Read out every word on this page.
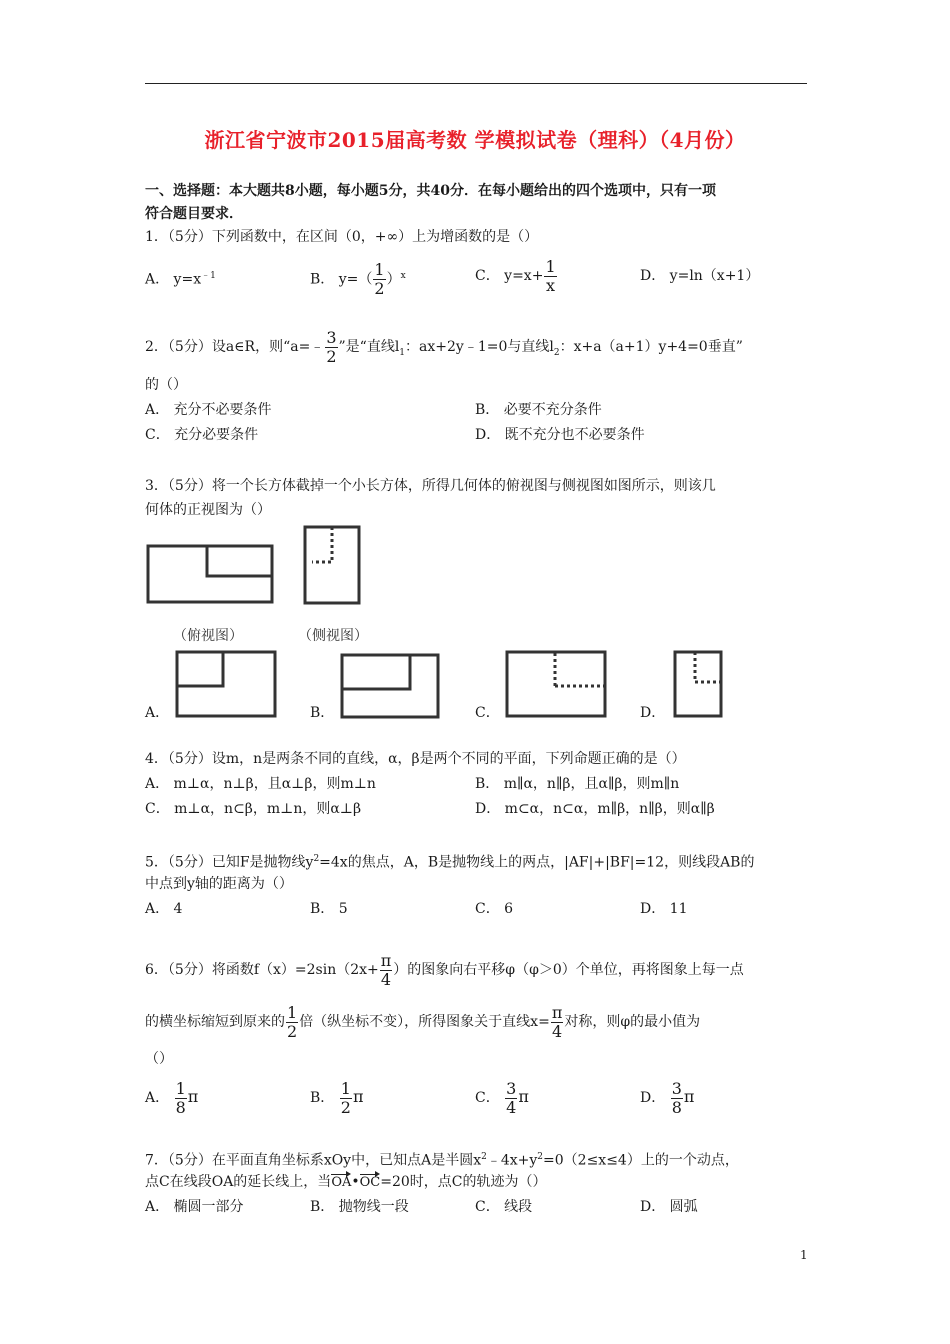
浙江省宁波市2015届高考数 学模拟试卷（理科）（4月份）
一、选择题：本大题共8小题，每小题5分，共40分．在每小题给出的四个选项中，只有一项
符合题目要求．
1．（5分）下列函数中，在区间（0，+∞）上为增函数的是（）
A． $y=x^{﹣1}$	B． $y=( \frac{1}{2} )^x$	C． $y=x+ \frac{1}{x}$	D． y=ln（x+1）
2．（5分）设a∈R，则“a=﹣ $\frac{3}{2}$ ”是“直线$l_1$：ax+2y﹣1=0与直线$l_2$：x+a（a+1）y+4=0垂直”
的（）
A． 充分不必要条件	B． 必要不充分条件
C． 充分必要条件	D． 既不充分也不必要条件
3．（5分）将一个长方体截掉一个小长方体，所得几何体的俯视图与侧视图如图所示，则该几
何体的正视图为（）
（俯视图）	（侧视图）
A．	B．	C．	D．
4．（5分）设m，n是两条不同的直线，α，β是两个不同的平面，下列命题正确的是（）
A． m⊥α，n⊥β，且α⊥β，则m⊥n	B． m∥α，n∥β，且α∥β，则m∥n
C． m⊥α，n⊂β，m⊥n，则α⊥β	D． m⊂α，n⊂α，m∥β，n∥β，则α∥β
5．（5分）已知F是抛物线$y^2=4x$的焦点，A，B是抛物线上的两点，|AF|+|BF|=12，则线段AB的
中点到y轴的距离为（）
A． 4	B． 5	C． 6	D． 11
6．（5分）将函数$f(x)=2\sin(2x+ \frac{\pi}{4}$ ）的图象向右平移φ（φ＞0）个单位，再将图象上每一点
的横坐标缩短到原来的 $\frac{1}{2}$ 倍（纵坐标不变），所得图象关于直线$x= \frac{\pi}{4}$ 对称，则φ的最小值为
（）
A． $\frac{1}{8}$ π	B． $\frac{1}{2}$ π	C． $\frac{3}{4}$ π	D． $\frac{3}{8}$ π
7．（5分）在平面直角坐标系xOy中，已知点A是半圆$x^2﹣4x+y^2=0(2\le x\le 4)$上的一个动点，
点C在线段OA的延长线上，当OA•OC=20时，点C的轨迹为（）
A． 椭圆一部分	B． 抛物线一段	C． 线段	D． 圆弧
1
